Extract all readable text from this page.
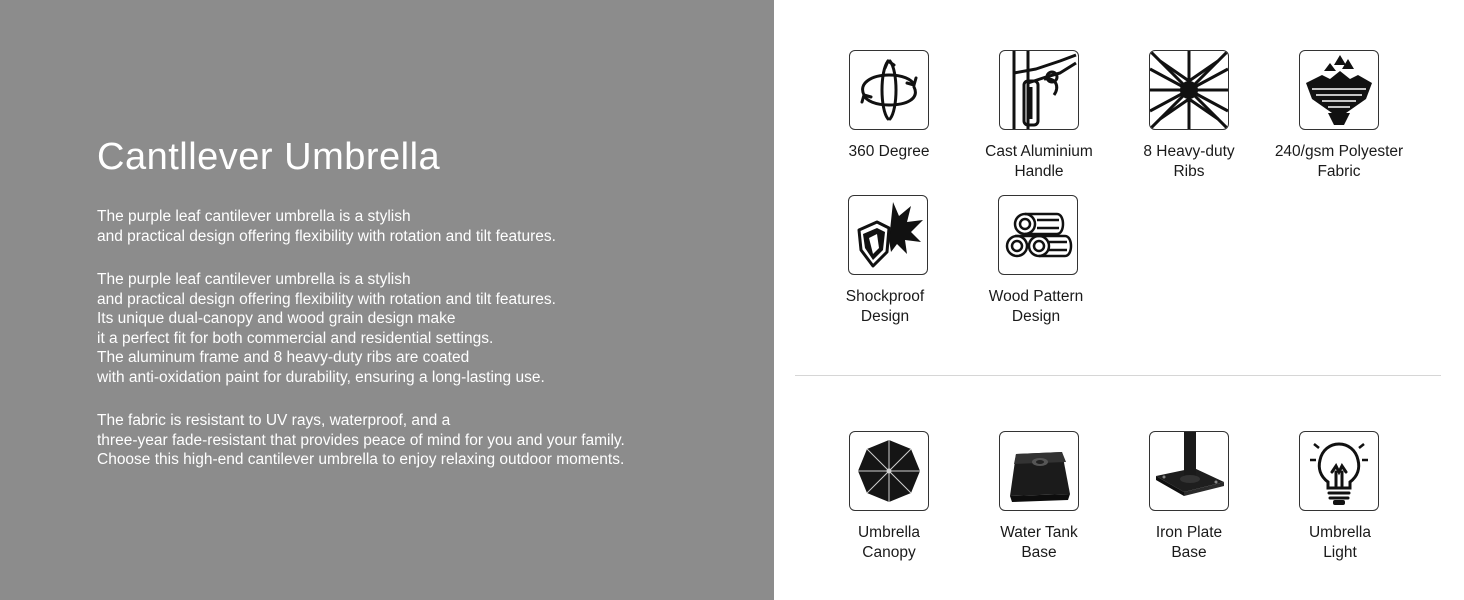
Cantllever Umbrella

The purple leaf cantilever umbrella is a stylish
and practical design offering flexibility with rotation and tilt features.

The purple leaf cantilever umbrella is a stylish
and practical design offering flexibility with rotation and tilt features.
Its unique dual-canopy and wood grain design make
it a perfect fit for both commercial and residential settings.
The aluminum frame and 8 heavy-duty ribs are coated
with anti-oxidation paint for durability, ensuring a long-lasting use.

The fabric is resistant to UV rays, waterproof, and a
three-year fade-resistant that provides peace of mind for you and your family.
Choose this high-end cantilever umbrella to enjoy relaxing outdoor moments.

360 Degree	Cast Aluminium
Handle
8 Heavy-duty
Ribs
240/gsm Polyester
Fabric
Shockproof
Design
Wood Pattern
Design
Umbrella
Canopy
Water Tank
Base
Iron Plate
Base
Umbrella
Light
